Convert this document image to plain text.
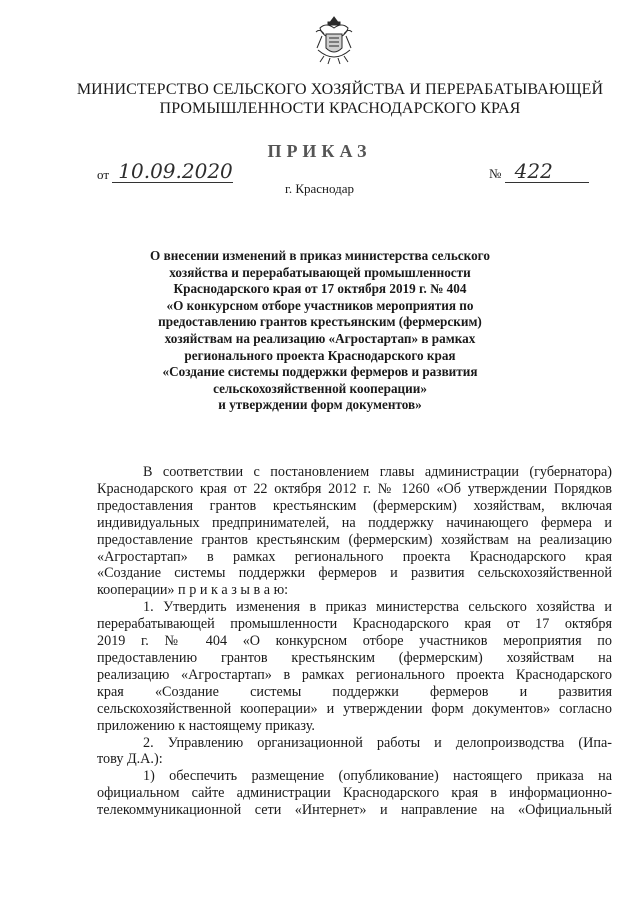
МИНИСТЕРСТВО СЕЛЬСКОГО ХОЗЯЙСТВА И ПЕРЕРАБАТЫВАЮЩЕЙ
ПРОМЫШЛЕННОСТИ КРАСНОДАРСКОГО КРАЯ
ПРИКАЗ
от 10.09.2020	№ 422
г. Краснодар
О внесении изменений в приказ министерства сельского
хозяйства и перерабатывающей промышленности
Краснодарского края от 17 октября 2019 г. № 404
«О конкурсном отборе участников мероприятия по
предоставлению грантов крестьянским (фермерским)
хозяйствам на реализацию «Агростартап» в рамках
регионального проекта Краснодарского края
«Создание системы поддержки фермеров и развития
сельскохозяйственной кооперации»
и утверждении форм документов»
В соответствии с постановлением главы администрации (губернатора)
Краснодарского края от 22 октября 2012 г. № 1260 «Об утверждении Порядков
предоставления грантов крестьянским (фермерским) хозяйствам, включая
индивидуальных предпринимателей, на поддержку начинающего фермера и
предоставление грантов крестьянским (фермерским) хозяйствам на реализацию
«Агростартап» в рамках регионального проекта Краснодарского края
«Создание системы поддержки фермеров и развития сельскохозяйственной
кооперации» п р и к а з ы в а ю:
1. Утвердить изменения в приказ министерства сельского хозяйства и
перерабатывающей промышленности Краснодарского края от 17 октября
2019 г. № 404 «О конкурсном отборе участников мероприятия по
предоставлению грантов крестьянским (фермерским) хозяйствам на
реализацию «Агростартап» в рамках регионального проекта Краснодарского
края «Создание системы поддержки фермеров и развития
сельскохозяйственной кооперации» и утверждении форм документов» согласно
приложению к настоящему приказу.
2. Управлению организационной работы и делопроизводства (Ипа-
тову Д.А.):
1) обеспечить размещение (опубликование) настоящего приказа на
официальном сайте администрации Краснодарского края в информационно-
телекоммуникационной сети «Интернет» и направление на «Официальный
